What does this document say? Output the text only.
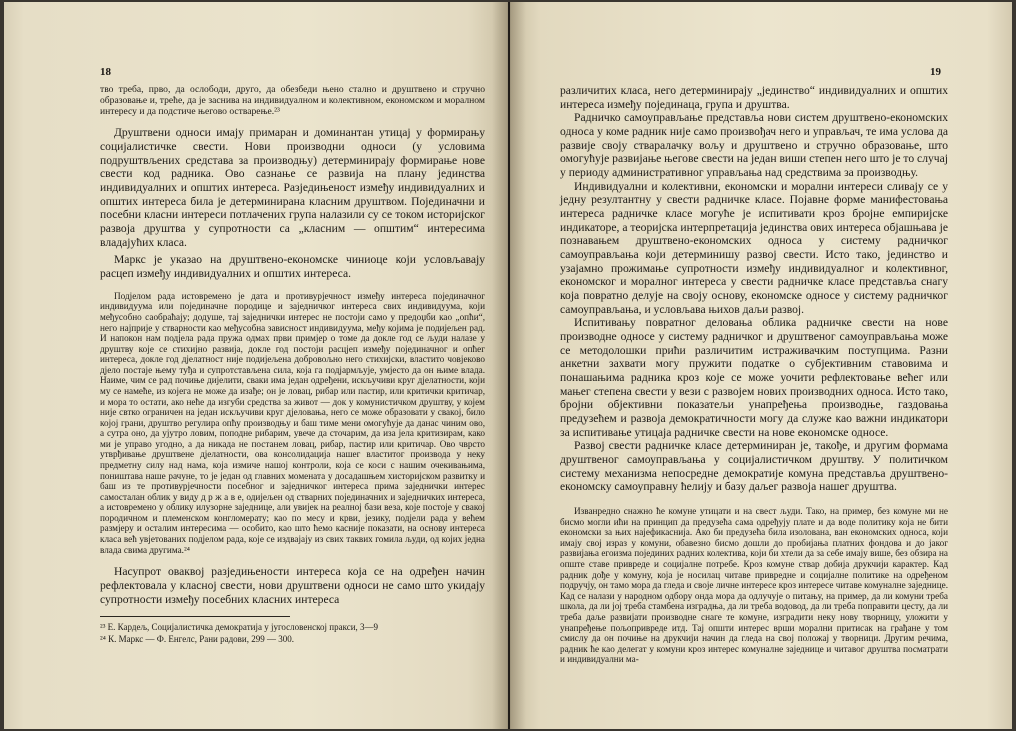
18

тво треба, прво, да ослободи, друго, да обезбеди њено стално и друштвено и стручно образовање и, треће, да је заснива на индивидуалном и колективном, економском и моралном интересу и да подстиче његово остварење.²³

Друштвени односи имају примаран и доминантан утицај у формирању социјалистичке свести. Нови производни односи (у условима подруштвљених средстава за производњу) детерминирају формирање нове свести код радника. Ово сазнање се развија на плану јединства индивидуалних и општих интереса. Разједињеност између индивидуалних и општих интереса била је детерминирана класним друштвом. Појединачни и посебни класни интереси потлачених група налазили су се током историјског развоја друштва у супротности са „класним — општим“ интересима владајућих класа.

Маркс је указао на друштвено-економске чиниоце који условљавају расцеп између индивидуалних и општих интереса.

Подјелом рада истовремено је дата и противурјечност између интереса појединачног индивидуума или појединачне породице и заједничког интереса свих индивидуума, који међусобно саобраћају; додуше, тај заједнички интерес не постоји само у предоџби као „опћи“, него најприје у стварности као међусобна зависност индивидуума, међу којима је подијељен рад. И напокон нам подјела рада пружа одмах први примјер о томе да докле год се људи налазе у друштву које се стихијно развија, докле год постоји расцјеп између појединачног и опћег интереса, докле год дјелатност није подијељена добровољно него стихијски, властито човјеково дјело постаје њему туђа и супротстављена сила, која га подјармљује, умјесто да он њиме влада. Наиме, чим се рад почиње дијелити, сваки има један одређени, искључиви круг дјелатности, који му се намеће, из којега не може да изађе; он је ловац, рибар или пастир, или критички критичар, и мора то остати, ако неће да изгуби средства за живот — док у комунистичком друштву, у којем није свтко ограничен на један искључиви круг дјеловања, него се може образовати у свакој, било којој грани, друштво регулира опћу производњу и баш тиме мени омогућује да данас чиним ово, а сутра оно, да ујутро ловим, поподне рибарим, увече да сточарим, да иза јела критизирам, како ми је управо угодно, а да никада не постанем ловац, рибар, пастир или критичар. Ово чврсто утврђивање друштвене дјелатности, ова консолидација нашег властитог производа у неку предметну силу над нама, која измиче нашој контроли, која се коси с нашим очекивањима, поништава наше рачуне, то је један од главних момената у досадашњем хисторијском развитку и баш из те противурјечности посебног и заједничког интереса прима заједнички интерес самосталан облик у виду д р ж а в е, одијељен од стварних појединачних и заједничких интереса, а истовремено у облику илузорне заједнице, али увијек на реалној бази веза, које постоје у свакој породичном и племенском конгломерату; као по месу и крви, језику, подјели рада у већем размјеру и осталим интересима — особито, као што ћемо касније показати, на основу интереса класа већ увјетованих подјелом рада, које се издвајају из свих таквих гомила људи, од којих једна влада свима другима.²⁴

Насупрот оваквој разједињености интереса која се на одређен начин рефлектовала у класној свести, нови друштвени односи не само што укидају супротности између посебних класних интереса

²³ Е. Кардељ, Социјалистичка демократија у југословенској пракси, 3—9
²⁴ К. Маркс — Ф. Енгелс, Рани радови, 299 — 300.
19

различитих класа, него детерминирају „јединство“ индивидуалних и општих интереса између појединаца, група и друштва.

Радничко самоуправљање представља нови систем друштвено-економских односа у коме радник није само произвођач него и управљач, те има услова да развије своју стваралачку вољу и друштвено и стручно образовање, што омогућује развијање његове свести на један виши степен него што је то случај у периоду административног управљања над средствима за производњу.

Индивидуални и колективни, економски и морални интереси сливају се у једну резултантну у свести радничке класе. Појавне форме манифестовања интереса радничке класе могуће је испитивати кроз бројне емпиријске индикаторе, а теоријска интерпретација јединства ових интереса објашњава је познавањем друштвено-економских односа у систему радничког самоуправљања који детерминишу развој свести. Исто тако, јединство и узајамно прожимање супротности између индивидуалног и колективног, економског и моралног интереса у свести радничке класе представља снагу која повратно делује на своју основу, економске односе у систему радничког самоуправљања, и условљава њихов даљи развој.

Испитивању повратног деловања облика радничке свести на нове производне односе у систему радничког и друштвеног самоуправљања може се методолошки прићи различитим истраживачким поступцима. Разни анкетни захвати могу пружити податке о субјективним ставовима и понашањима радника кроз које се може уочити рефлектовање већег или мањег степена свести у вези с развојем нових производних односа. Исто тако, бројни објективни показатељи унапређења производње, газдовања предузећем и развоја демократичности могу да служе као важни индикатори за испитивање утицаја радничке свести на нове економске односе.

Развој свести радничке класе детерминиран је, такође, и другим формама друштвеног самоуправљања у социјалистичком друштву. У политичком систему механизма непосредне демократије комуна представља друштвено-економску самоуправну ћелију и базу даљег развоја нашег друштва.

Изванредно снажно ће комуне утицати и на свест људи. Тако, на пример, без комуне ми не бисмо могли ићи на принцип да предузећа сама одређују плате и да воде политику која не бити економски за њих најефикаснија. Ако би предузећа била изолована, ван економских односа, који имају свој израз у комуни, обавезно бисмо дошли до пробијања платних фондова и до јаког развијања егоизма појединих радних колектива, који би хтели да за себе имају више, без обзира на опште ставе привреде и социјалне потребе. Кроз комуне ствар добија друкчији карактер. Кад радник дође у комуну, која је носилац читаве привредне и социјалне политике на одређеном подручју, он тамо мора да гледа и своје личне интересе кроз интересе читаве комуналне заједнице. Кад се налази у народном одбору онда мора да одлучује о питању, на пример, да ли комуни треба школа, да ли јој треба стамбена изградња, да ли треба водовод, да ли треба поправити цесту, да ли треба даље развијати производне снаге те комуне, изградити неку нову творницу, уложити у унапређење пољопривреде итд. Тај општи интерес врши морални притисак на грађане у том смислу да он почиње на друкчији начин да гледа на свој положај у творници. Другим речима, радник ће као делегат у комуни кроз интерес комуналне заједнице и читавог друштва посматрати и индивидуални ма-
